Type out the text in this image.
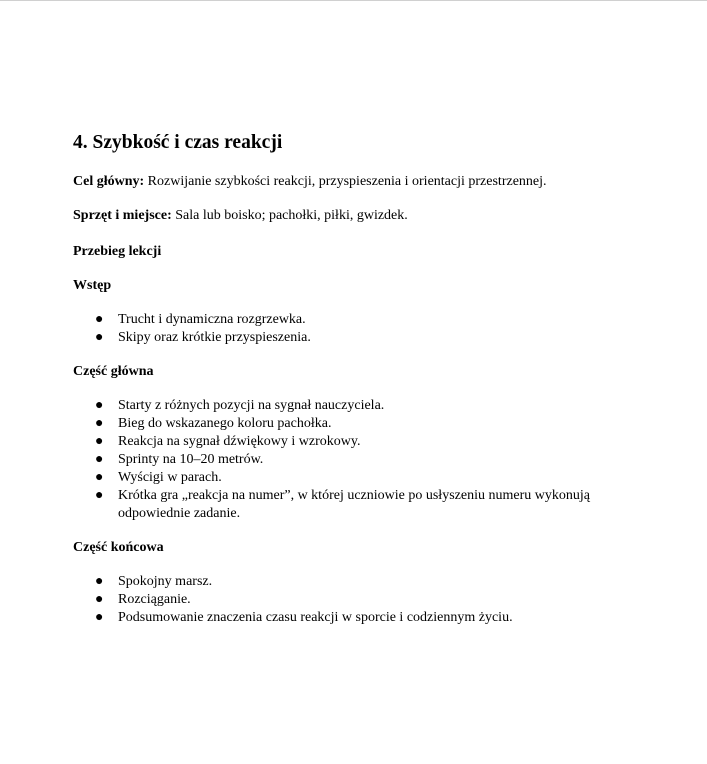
4. Szybkość i czas reakcji

Cel główny: Rozwijanie szybkości reakcji, przyspieszenia i orientacji przestrzennej.

Sprzęt i miejsce: Sala lub boisko; pachołki, piłki, gwizdek.

Przebieg lekcji

Wstęp

● Trucht i dynamiczna rozgrzewka.
● Skipy oraz krótkie przyspieszenia.

Część główna

● Starty z różnych pozycji na sygnał nauczyciela.
● Bieg do wskazanego koloru pachołka.
● Reakcja na sygnał dźwiękowy i wzrokowy.
● Sprinty na 10–20 metrów.
● Wyścigi w parach.
● Krótka gra „reakcja na numer”, w której uczniowie po usłyszeniu numeru wykonują odpowiednie zadanie.

Część końcowa

● Spokojny marsz.
● Rozciąganie.
● Podsumowanie znaczenia czasu reakcji w sporcie i codziennym życiu.
